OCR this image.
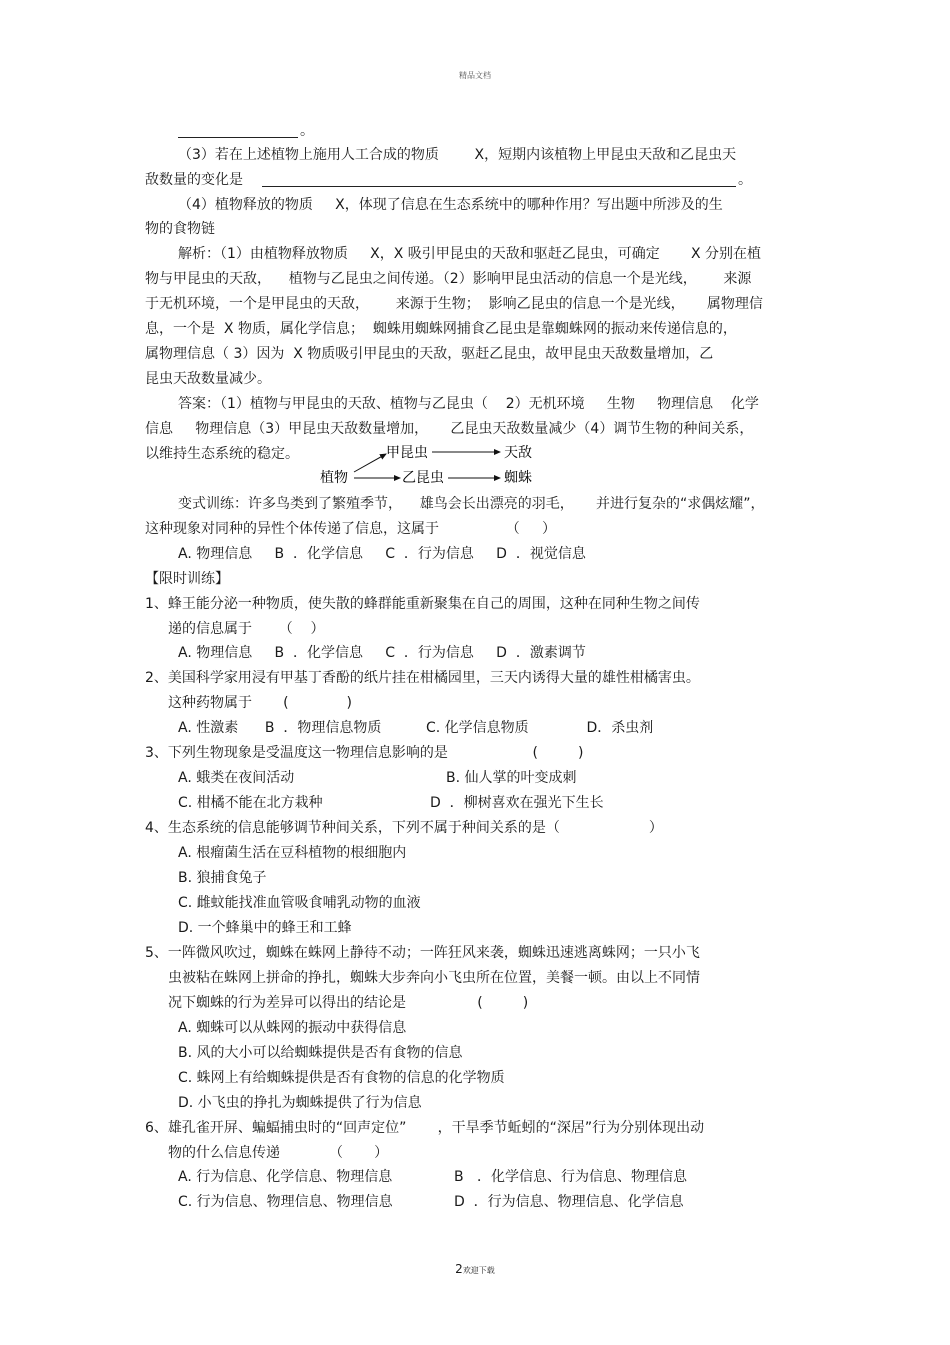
精品文档
。
（3）若在上述植物上施用人工合成的物质        X，短期内该植物上甲昆虫天敌和乙昆虫天
敌数量的变化是	。
（4）植物释放的物质     X，体现了信息在生态系统中的哪种作用？写出题中所涉及的生
物的食物链
解析：（1）由植物释放物质     X，X 吸引甲昆虫的天敌和驱赶乙昆虫，可确定       X 分别在植
物与甲昆虫的天敌，    植物与乙昆虫之间传递。（2）影响甲昆虫活动的信息一个是光线，      来源
于无机环境，一个是甲昆虫的天敌，      来源于生物；  影响乙昆虫的信息一个是光线，     属物理信
息，一个是  X 物质，属化学信息；  蜘蛛用蜘蛛网捕食乙昆虫是靠蜘蛛网的振动来传递信息的，
属物理信息（ 3）因为  X 物质吸引甲昆虫的天敌，驱赶乙昆虫，故甲昆虫天敌数量增加，乙
昆虫天敌数量减少。
答案：（1）植物与甲昆虫的天敌、植物与乙昆虫（    2）无机环境     生物     物理信息    化学
信息     物理信息（3）甲昆虫天敌数量增加，     乙昆虫天敌数量减少（4）调节生物的种间关系，
以维持生态系统的稳定。
植物
甲昆虫
乙昆虫
天敌
蜘蛛
变式训练：许多鸟类到了繁殖季节，    雄鸟会长出漂亮的羽毛，     并进行复杂的“求偶炫耀”，
这种现象对同种的异性个体传递了信息，这属于               （     ）
A. 物理信息     B  ．化学信息     C  ．行为信息     D  ．视觉信息
【限时训练】
1、蜂王能分泌一种物质，使失散的蜂群能重新聚集在自己的周围，这种在同种生物之间传
递的信息属于      （    ）
A. 物理信息     B  ．化学信息     C  ．行为信息     D  ．激素调节
2、美国科学家用浸有甲基丁香酚的纸片挂在柑橘园里，三天内诱得大量的雄性柑橘害虫。
这种药物属于       (             )
A. 性激素      B  ．物理信息物质          C. 化学信息物质             D．杀虫剂
3、下列生物现象是受温度这一物理信息影响的是                   (         )
A. 蛾类在夜间活动	B. 仙人掌的叶变成刺
C. 柑橘不能在北方栽种	D  ．柳树喜欢在强光下生长
4、生态系统的信息能够调节种间关系，下列不属于种间关系的是（                    ）
A. 根瘤菌生活在豆科植物的根细胞内
B. 狼捕食兔子
C. 雌蚊能找准血管吸食哺乳动物的血液
D. 一个蜂巢中的蜂王和工蜂
5、一阵微风吹过，蜘蛛在蛛网上静待不动；一阵狂风来袭，蜘蛛迅速逃离蛛网；一只小飞
虫被粘在蛛网上拼命的挣扎，蜘蛛大步奔向小飞虫所在位置，美餐一顿。由以上不同情
况下蜘蛛的行为差异可以得出的结论是                (         )
A. 蜘蛛可以从蛛网的振动中获得信息
B. 风的大小可以给蜘蛛提供是否有食物的信息
C. 蛛网上有给蜘蛛提供是否有食物的信息的化学物质
D. 小飞虫的挣扎为蜘蛛提供了行为信息
6、雄孔雀开屏、蝙蝠捕虫时的“回声定位”       ，干旱季节蚯蚓的“深居”行为分别体现出动
物的什么信息传递           （       ）
A. 行为信息、化学信息、物理信息	B   ．化学信息、行为信息、物理信息
C. 行为信息、物理信息、物理信息	D  ．行为信息、物理信息、化学信息
2欢迎下载
